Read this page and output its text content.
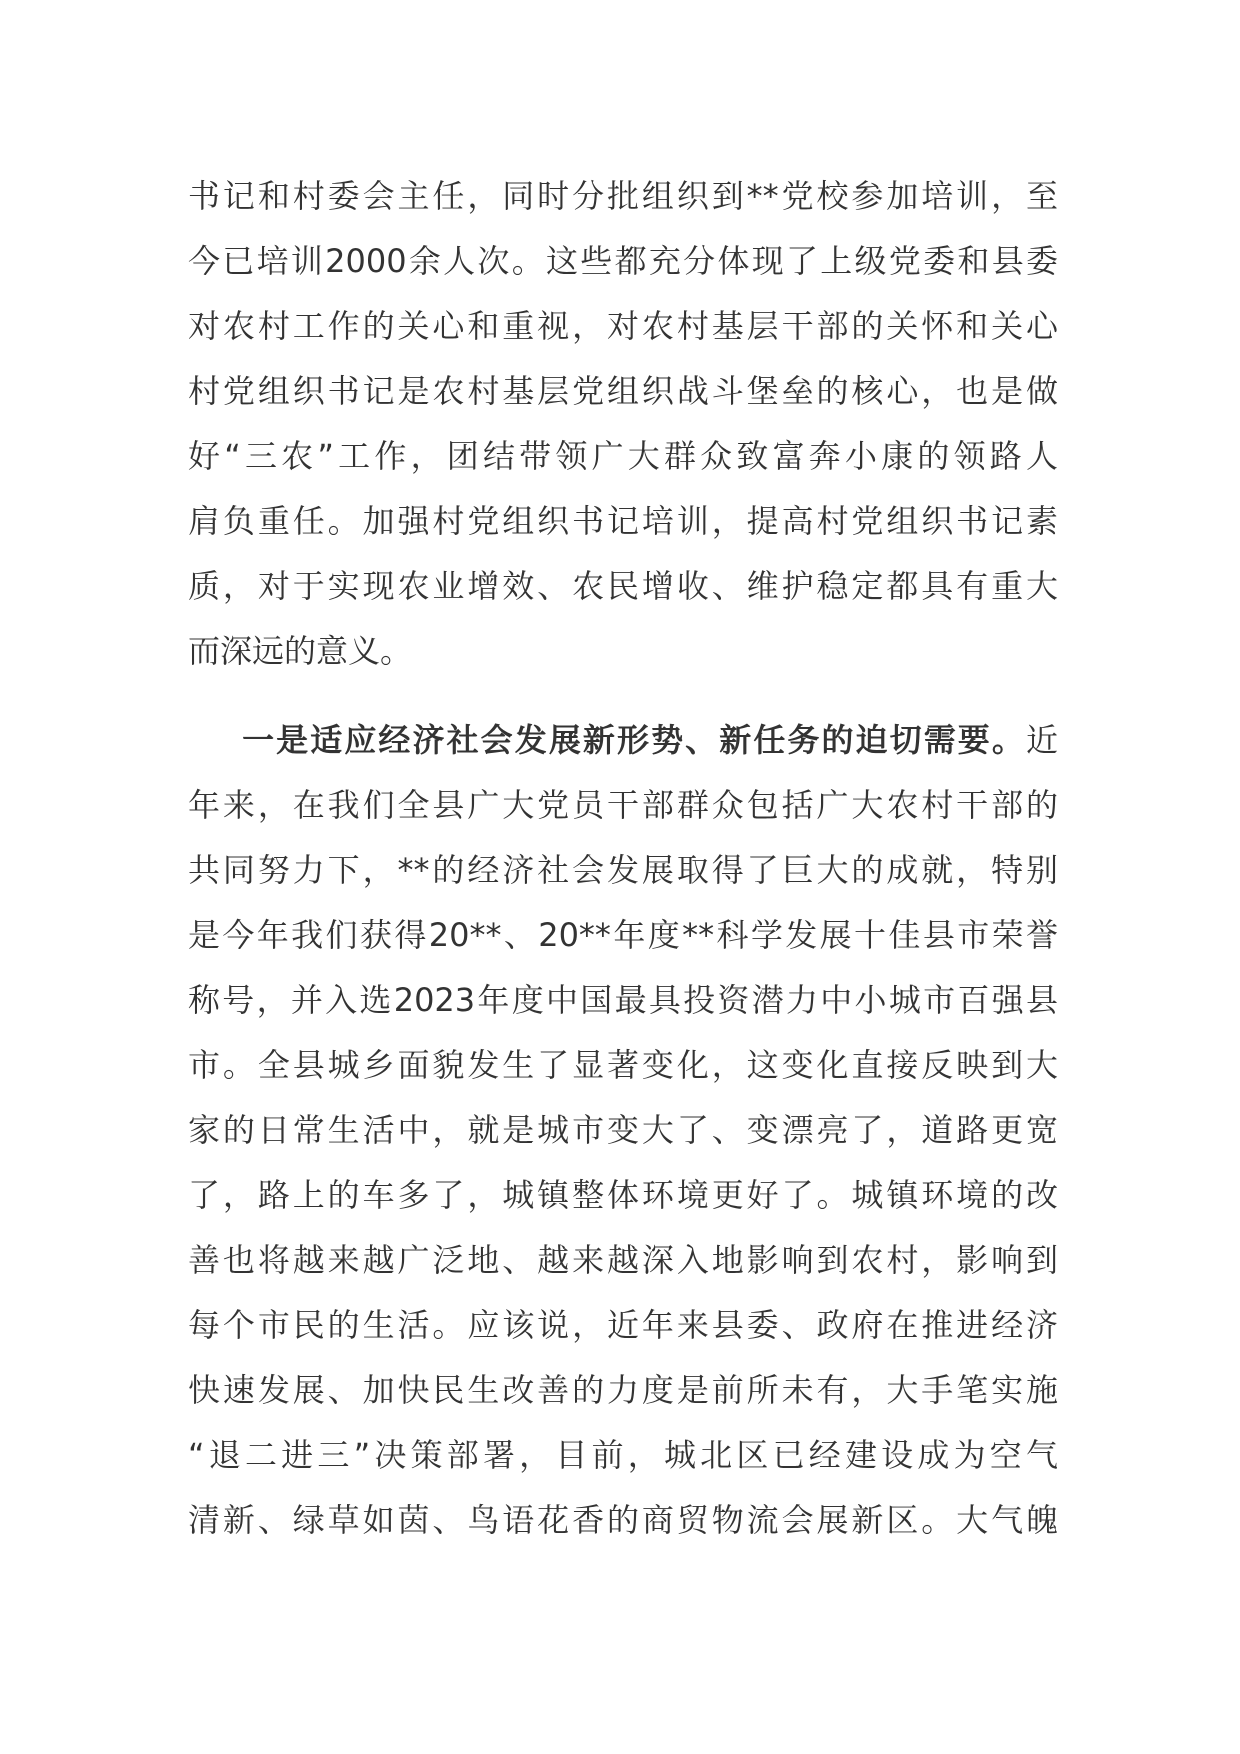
书记和村委会主任，同时分批组织到**党校参加培训，至
今已培训2000余人次。这些都充分体现了上级党委和县委
对农村工作的关心和重视，对农村基层干部的关怀和关心
村党组织书记是农村基层党组织战斗堡垒的核心，也是做
好“三农”工作，团结带领广大群众致富奔小康的领路人
肩负重任。加强村党组织书记培训，提高村党组织书记素
质，对于实现农业增效、农民增收、维护稳定都具有重大
而深远的意义。
一是适应经济社会发展新形势、新任务的迫切需要。近
年来，在我们全县广大党员干部群众包括广大农村干部的
共同努力下，**的经济社会发展取得了巨大的成就，特别
是今年我们获得20**、20**年度**科学发展十佳县市荣誉
称号，并入选2023年度中国最具投资潜力中小城市百强县
市。全县城乡面貌发生了显著变化，这变化直接反映到大
家的日常生活中，就是城市变大了、变漂亮了，道路更宽
了，路上的车多了，城镇整体环境更好了。城镇环境的改
善也将越来越广泛地、越来越深入地影响到农村，影响到
每个市民的生活。应该说，近年来县委、政府在推进经济
快速发展、加快民生改善的力度是前所未有，大手笔实施
“退二进三”决策部署，目前，城北区已经建设成为空气
清新、绿草如茵、鸟语花香的商贸物流会展新区。大气魄
